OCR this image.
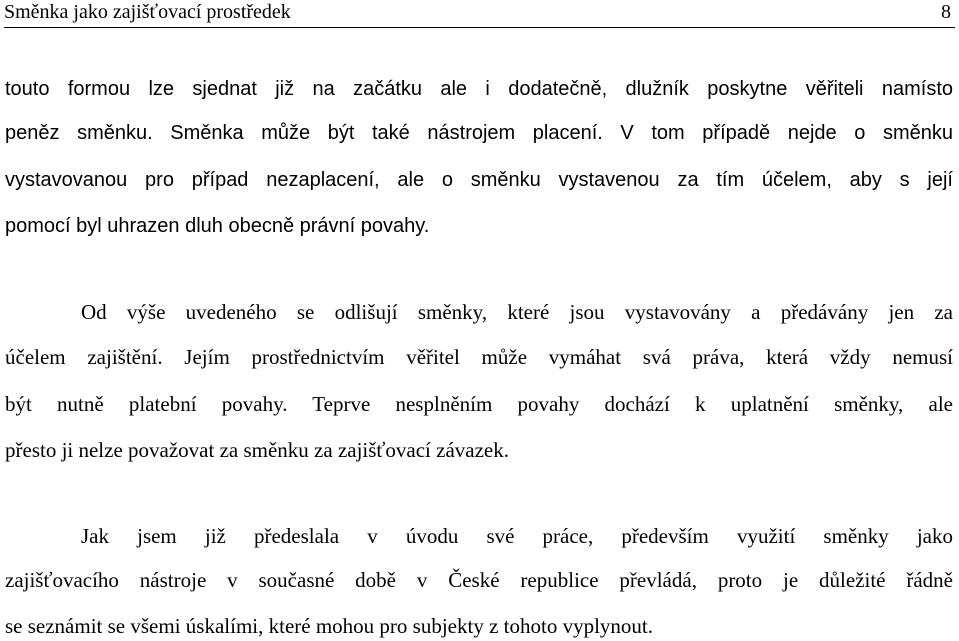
Směnka jako zajišťovací prostředek	8
touto formou lze sjednat již na začátku ale i dodatečně, dlužník poskytne věřiteli namísto
peněz směnku. Směnka může být také nástrojem placení. V tom případě nejde o směnku
vystavovanou pro případ nezaplacení, ale o směnku vystavenou za tím účelem, aby s její
pomocí byl uhrazen dluh obecně právní povahy.
Od výše uvedeného se odlišují směnky, které jsou vystavovány a předávány jen za
účelem zajištění. Jejím prostřednictvím věřitel může vymáhat svá práva, která vždy nemusí
být nutně platební povahy. Teprve nesplněním povahy dochází k uplatnění směnky, ale
přesto ji nelze považovat za směnku za zajišťovací závazek.
Jak jsem již předeslala v úvodu své práce, především využití směnky jako
zajišťovacího nástroje v současné době v České republice převládá, proto je důležité řádně
se seznámit se všemi úskalími, které mohou pro subjekty z tohoto vyplynout.
